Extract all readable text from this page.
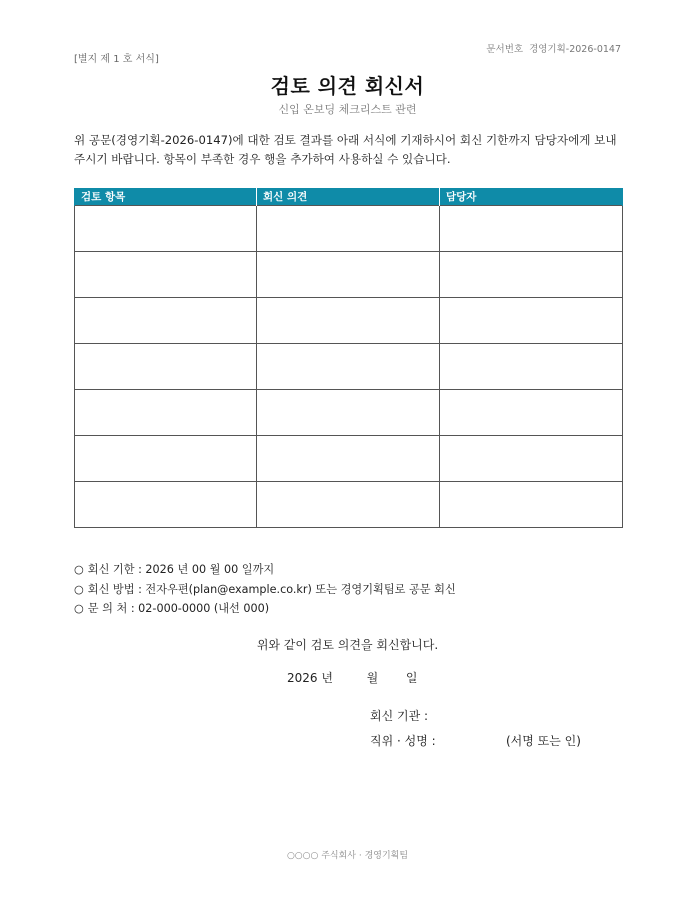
[별지 제 1 호 서식]
문서번호 경영기획-2026-0147
검토 의견 회신서
신입 온보딩 체크리스트 관련
위 공문(경영기획-2026-0147)에 대한 검토 결과를 아래 서식에 기재하시어 회신 기한까지 담당자에게 보내
주시기 바랍니다. 항목이 부족한 경우 행을 추가하여 사용하실 수 있습니다.
검토 항목	회신 의견	담당자

○ 회신 기한 : 2026 년 00 월 00 일까지
○ 회신 방법 : 전자우편(plan@example.co.kr) 또는 경영기획팀로 공문 회신
○ 문 의 처 : 02-000-0000 (내선 000)
위와 같이 검토 의견을 회신합니다.
2026 년	월 일
회신 기관 :
직위 · 성명 :	(서명 또는 인)
○○○○ 주식회사 · 경영기획팀
